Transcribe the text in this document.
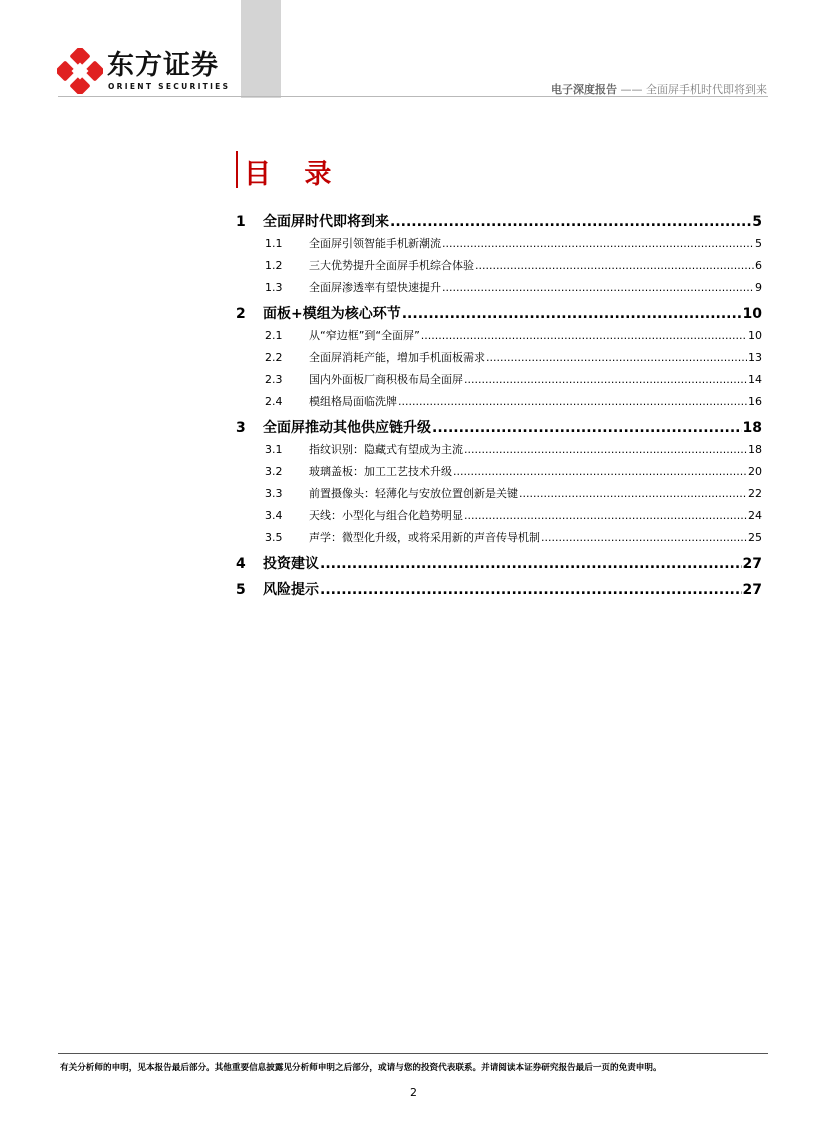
东方证券
ORIENT SECURITIES	电子深度报告 —— 全面屏手机时代即将到来
目 录
1	全面屏时代即将到来 .....	5
1.1	全面屏引领智能手机新潮流 .....	5
1.2	三大优势提升全面屏手机综合体验 .....	6
1.3	全面屏渗透率有望快速提升 .....	9
2	面板+模组为核心环节 .....	10
2.1	从“窄边框”到“全面屏” .....	10
2.2	全面屏消耗产能，增加手机面板需求 .....	13
2.3	国内外面板厂商积极布局全面屏 .....	14
2.4	模组格局面临洗牌 .....	16
3	全面屏推动其他供应链升级 .....	18
3.1	指纹识别：隐藏式有望成为主流 .....	18
3.2	玻璃盖板：加工工艺技术升级 .....	20
3.3	前置摄像头：轻薄化与安放位置创新是关键 .....	22
3.4	天线：小型化与组合化趋势明显 .....	24
3.5	声学：微型化升级，或将采用新的声音传导机制 .....	25
4	投资建议 .....	27
5	风险提示 .....	27
有关分析师的申明，见本报告最后部分。其他重要信息披露见分析师申明之后部分，或请与您的投资代表联系。并请阅读本证券研究报告最后一页的免责申明。
2
